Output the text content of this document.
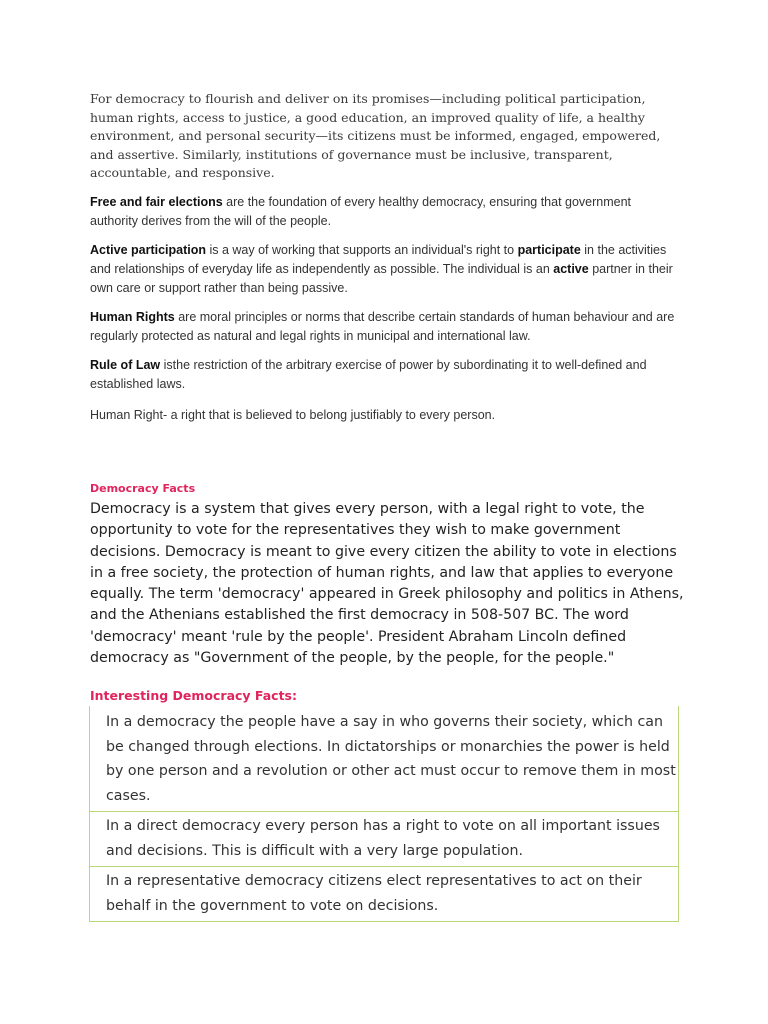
For democracy to flourish and deliver on its promises—including political participation, human rights, access to justice, a good education, an improved quality of life, a healthy environment, and personal security—its citizens must be informed, engaged, empowered, and assertive. Similarly, institutions of governance must be inclusive, transparent, accountable, and responsive.

Free and fair elections are the foundation of every healthy democracy, ensuring that government authority derives from the will of the people.

Active participation is a way of working that supports an individual's right to participate in the activities and relationships of everyday life as independently as possible. The individual is an active partner in their own care or support rather than being passive.

Human Rights are moral principles or norms that describe certain standards of human behaviour and are regularly protected as natural and legal rights in municipal and international law.

Rule of Law isthe restriction of the arbitrary exercise of power by subordinating it to well-defined and established laws.

Human Right- a right that is believed to belong justifiably to every person.

Democracy Facts

Democracy is a system that gives every person, with a legal right to vote, the opportunity to vote for the representatives they wish to make government decisions. Democracy is meant to give every citizen the ability to vote in elections in a free society, the protection of human rights, and law that applies to everyone equally. The term 'democracy' appeared in Greek philosophy and politics in Athens, and the Athenians established the first democracy in 508-507 BC. The word 'democracy' meant 'rule by the people'. President Abraham Lincoln defined democracy as "Government of the people, by the people, for the people."

Interesting Democracy Facts:
In a democracy the people have a say in who governs their society, which can be changed through elections. In dictatorships or monarchies the power is held by one person and a revolution or other act must occur to remove them in most cases.
In a direct democracy every person has a right to vote on all important issues and decisions. This is difficult with a very large population.
In a representative democracy citizens elect representatives to act on their behalf in the government to vote on decisions.
